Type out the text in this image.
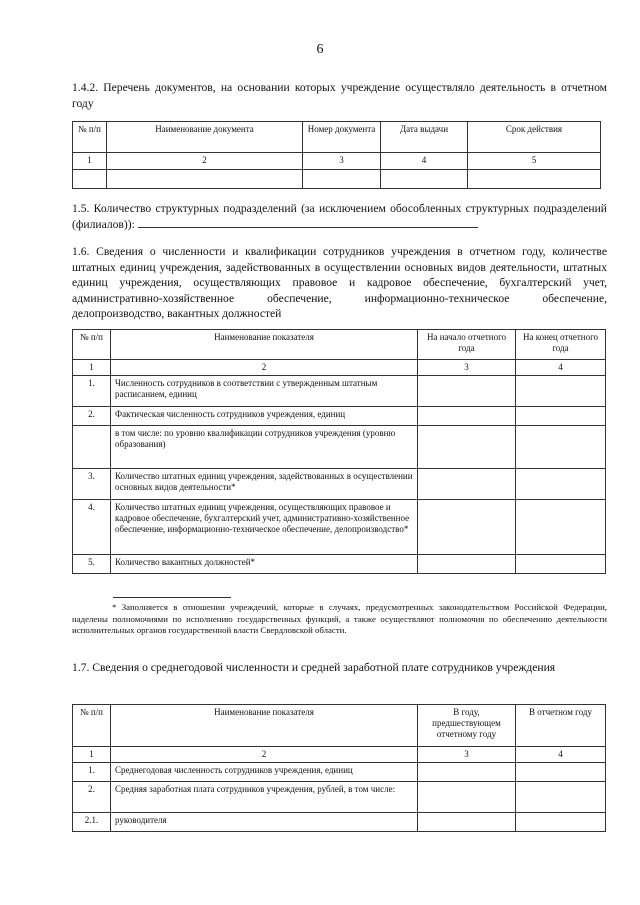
6
1.4.2. Перечень документов, на основании которых учреждение осуществляло деятельность в отчетном году
№ п/п	Наименование документа	Номер документа	Дата выдачи	Срок действия
1	2	3	4	5

1.5. Количество структурных подразделений (за исключением обособленных структурных подразделений (филиалов)):
1.6. Сведения о численности и квалификации сотрудников учреждения в отчетном году, количестве штатных единиц учреждения, задействованных в осуществлении основных видов деятельности, штатных единиц учреждения, осуществляющих правовое и кадровое обеспечение, бухгалтерский учет, административно-хозяйственное обеспечение, информационно-техническое обеспечение, делопроизводство, вакантных должностей
№ п/п	Наименование показателя	На начало отчетного года	На конец отчетного года
1	2	3	4
1.	Численность сотрудников в соответствии с утвержденным штатным расписанием, единиц		
2.	Фактическая численность сотрудников учреждения, единиц		
	в том числе: по уровню квалификации сотрудников учреждения (уровню образования)		
3.	Количество штатных единиц учреждения, задействованных в осуществлении основных видов деятельности*		
4.	Количество штатных единиц учреждения, осуществляющих правовое и кадровое обеспечение, бухгалтерский учет, административно-хозяйственное обеспечение, информационно-техническое обеспечение, делопроизводство*		
5.	Количество вакантных должностей*		
* Заполняется в отношении учреждений, которые в случаях, предусмотренных законодательством Российской Федерации, наделены полномочиями по исполнению государственных функций, а также осуществляют полномочия по обеспечению деятельности исполнительных органов государственной власти Свердловской области.
1.7. Сведения о среднегодовой численности и средней заработной плате сотрудников учреждения
№ п/п	Наименование показателя	В году, предшествующем отчетному году	В отчетном году
1	2	3	4
1.	Среднегодовая численность сотрудников учреждения, единиц		
2.	Средняя заработная плата сотрудников учреждения, рублей, в том числе:		
2.1.	руководителя		
